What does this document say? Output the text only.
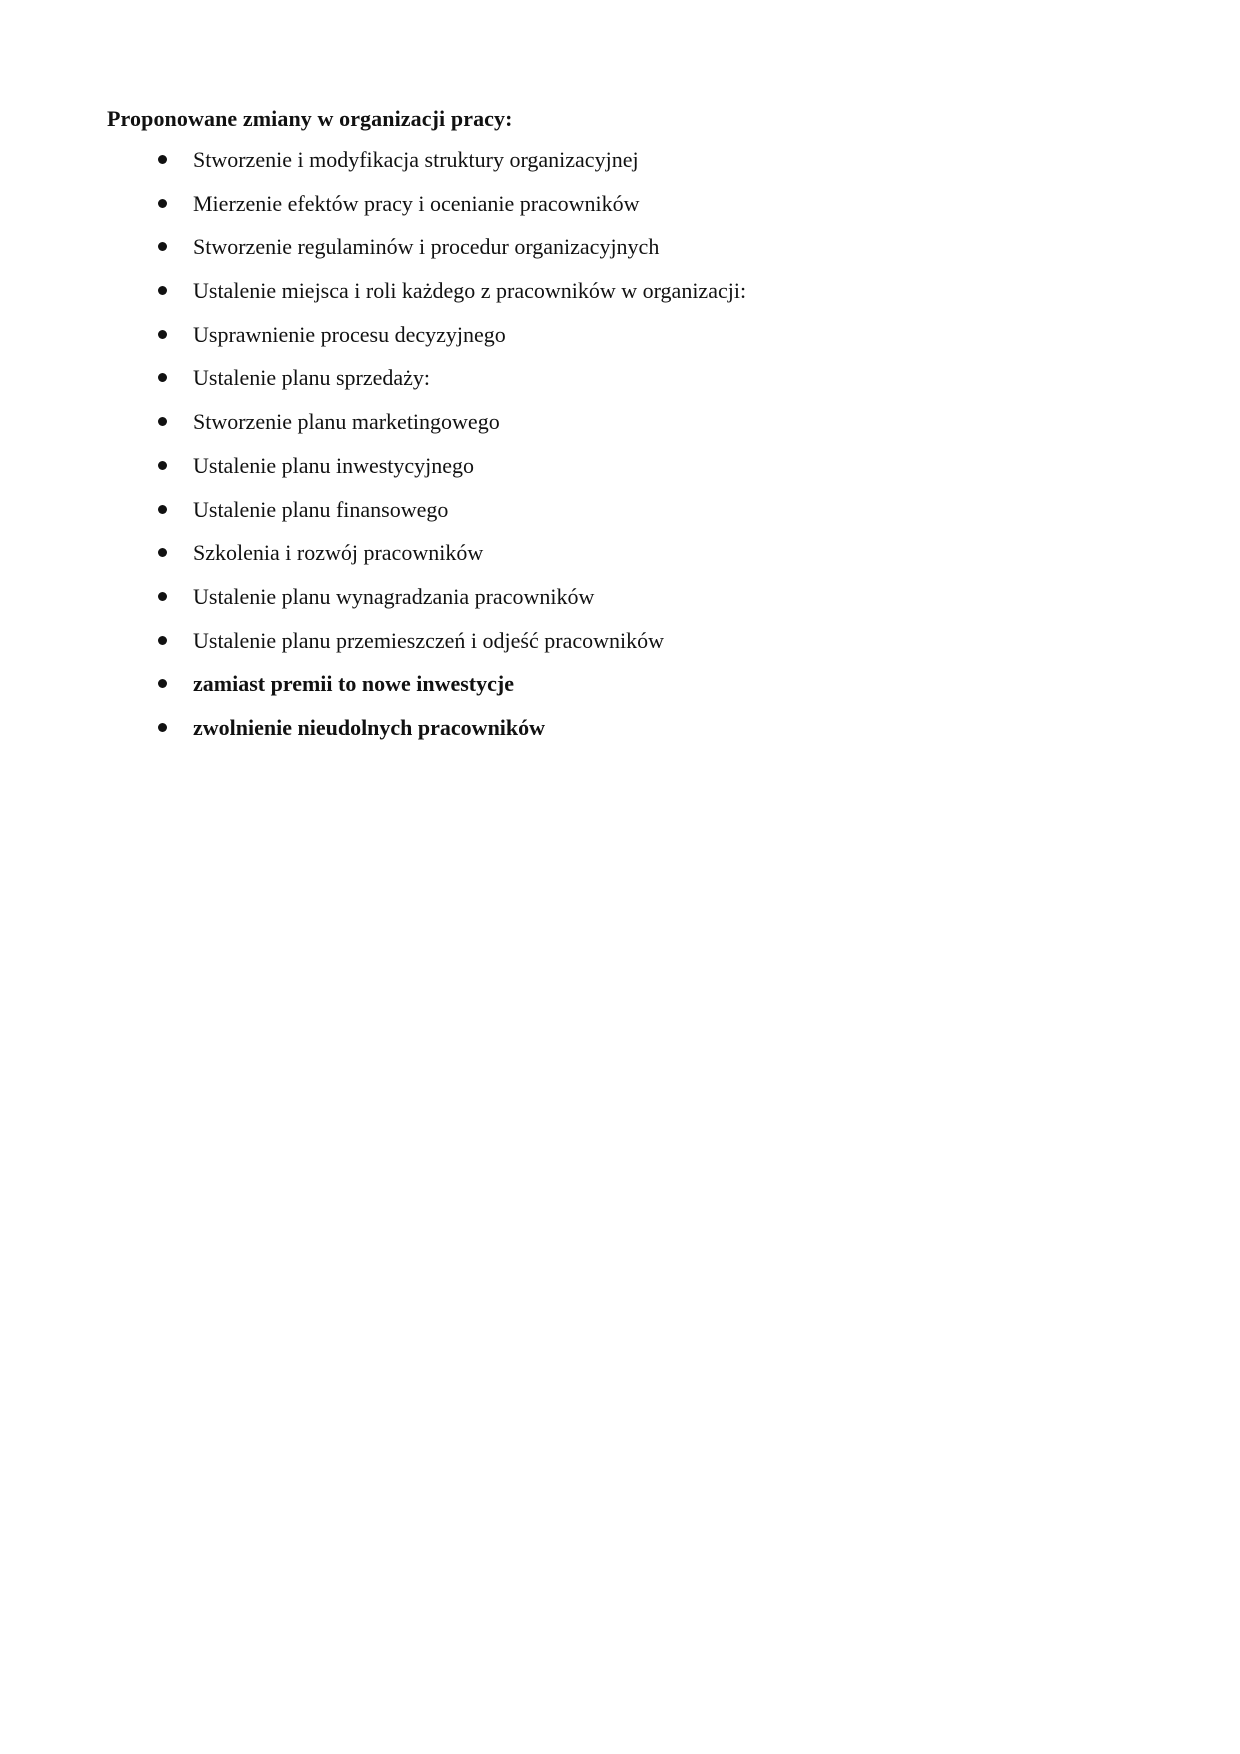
Proponowane zmiany w organizacji pracy:
Stworzenie i modyfikacja struktury organizacyjnej
Mierzenie efektów pracy i ocenianie pracowników
Stworzenie regulaminów i procedur organizacyjnych
Ustalenie miejsca i roli każdego z pracowników w organizacji:
Usprawnienie procesu decyzyjnego
Ustalenie planu sprzedaży:
Stworzenie planu marketingowego
Ustalenie planu inwestycyjnego
Ustalenie planu finansowego
Szkolenia i rozwój pracowników
Ustalenie planu wynagradzania pracowników
Ustalenie planu przemieszczeń i odjeść pracowników
zamiast premii to nowe inwestycje
zwolnienie nieudolnych pracowników
